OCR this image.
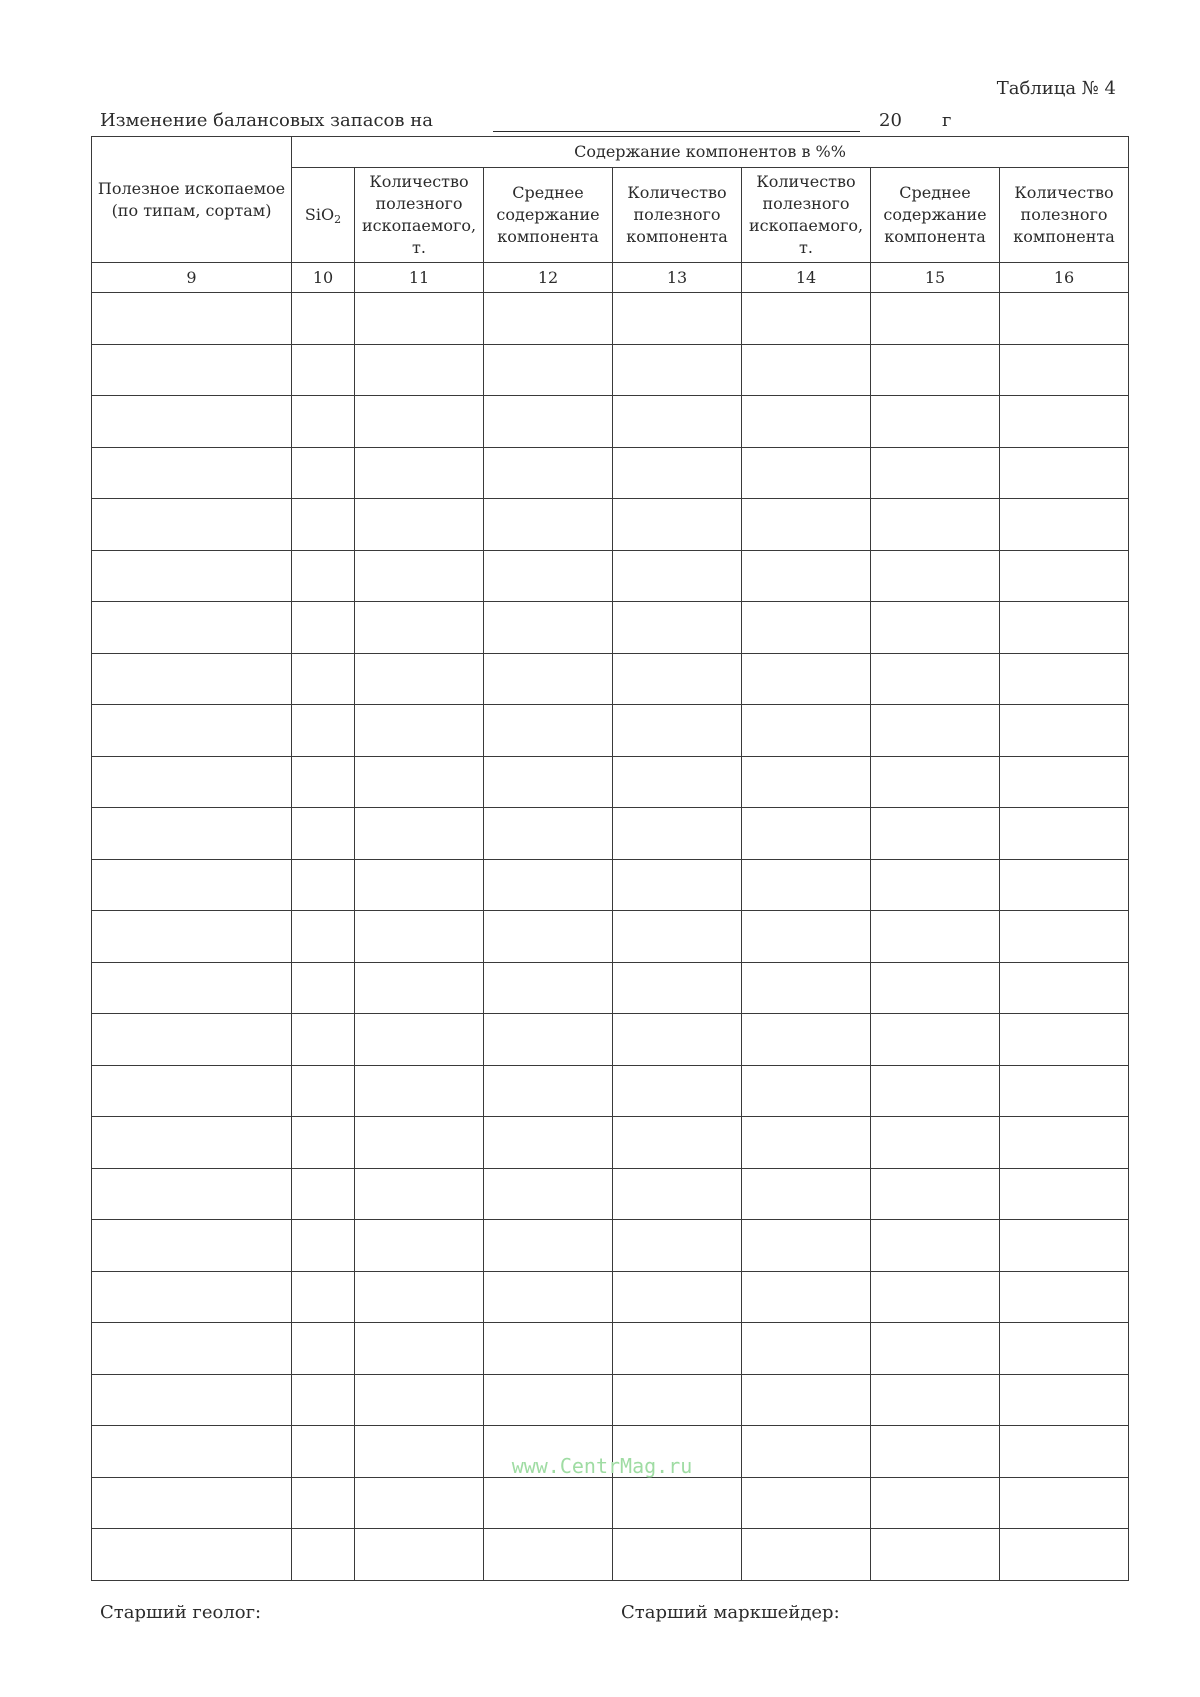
Таблица № 4
Изменение балансовых запасов на	20 г
Полезное ископаемое (по типам, сортам)	Содержание компонентов в %%						
	SiO$_2$	Количество полезного ископаемого, т.	Среднее содержание компонента	Количество полезного компонента	Количество полезного ископаемого, т.	Среднее содержание компонента	Количество полезного компонента
9	10	11	12	13	14	15	16

www.CentrMag.ru
Старший геолог:	Старший маркшейдер:
